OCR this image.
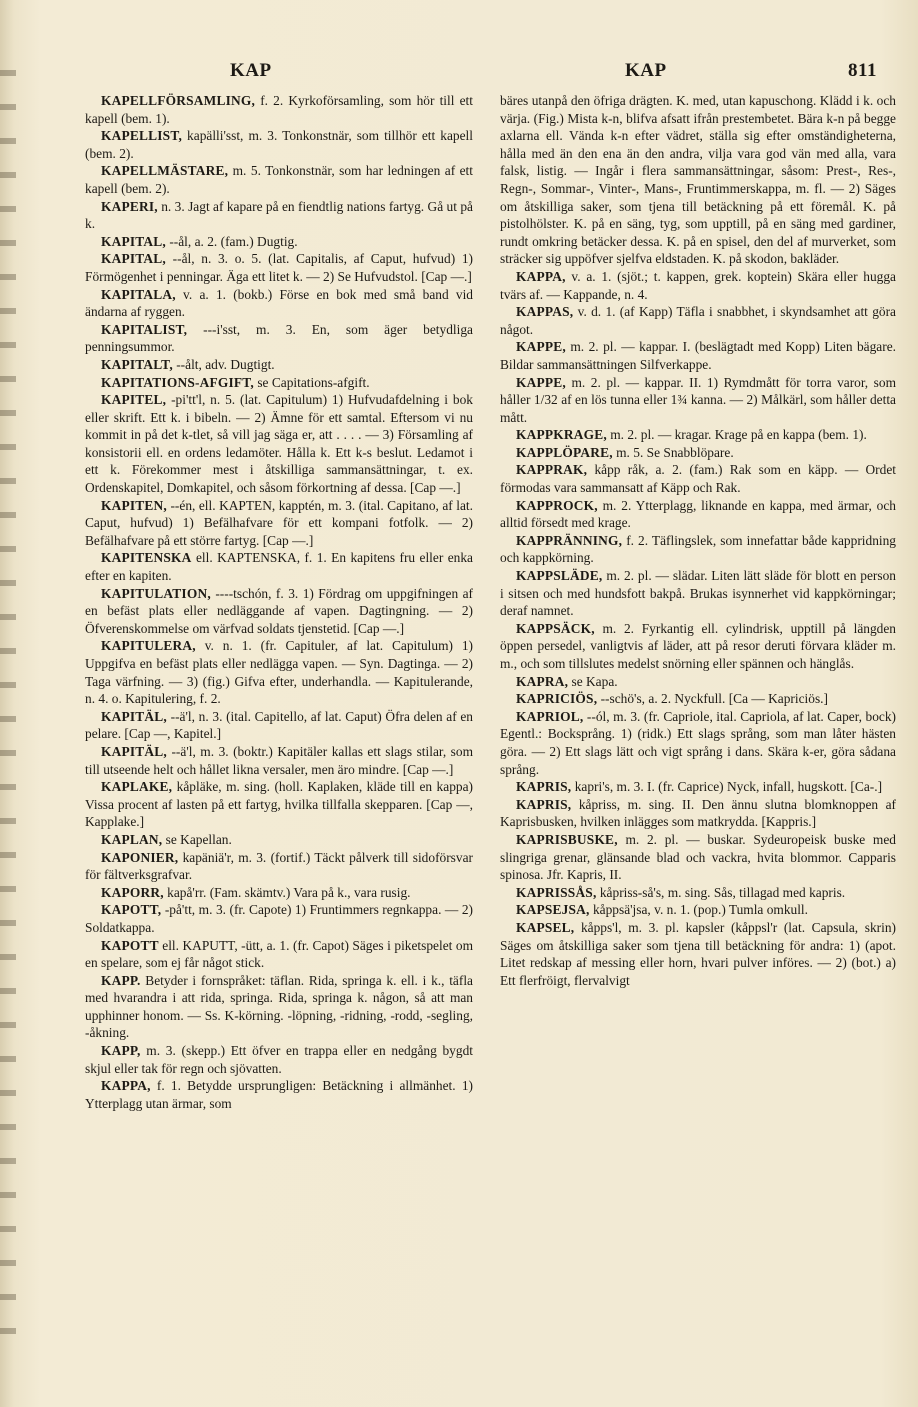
KAP	KAP	811

KAPELLFÖRSAMLING, f. 2. Kyrkoförsamling, som hör till ett kapell (bem. 1).

KAPELLIST, kapälli'sst, m. 3. Tonkonstnär, som tillhör ett kapell (bem. 2).

KAPELLMÄSTARE, m. 5. Tonkonstnär, som har ledningen af ett kapell (bem. 2).

KAPERI, n. 3. Jagt af kapare på en fiendtlig nations fartyg. Gå ut på k.

KAPITAL, --ål, a. 2. (fam.) Dugtig.

KAPITAL, --ål, n. 3. o. 5. (lat. Capitalis, af Caput, hufvud) 1) Förmögenhet i penningar. Äga ett litet k. — 2) Se Hufvudstol. [Cap —.]

KAPITALA, v. a. 1. (bokb.) Förse en bok med små band vid ändarna af ryggen.

KAPITALIST, ---i'sst, m. 3. En, som äger betydliga penningsummor.

KAPITALT, --ålt, adv. Dugtigt.

KAPITATIONS-AFGIFT, se Capitations-afgift.

KAPITEL, -pi'tt'l, n. 5. (lat. Capitulum) 1) Hufvudafdelning i bok eller skrift. Ett k. i bibeln. — 2) Ämne för ett samtal. Eftersom vi nu kommit in på det k-tlet, så vill jag säga er, att . . . . — 3) Församling af konsistorii ell. en ordens ledamöter. Hålla k. Ett k-s beslut. Ledamot i ett k. Förekommer mest i åtskilliga sammansättningar, t. ex. Ordenskapitel, Domkapitel, och såsom förkortning af dessa. [Cap —.]

KAPITEN, --én, ell. KAPTEN, kapptén, m. 3. (ital. Capitano, af lat. Caput, hufvud) 1) Befälhafvare för ett kompani fotfolk. — 2) Befälhafvare på ett större fartyg. [Cap —.]

KAPITENSKA ell. KAPTENSKA, f. 1. En kapitens fru eller enka efter en kapiten.

KAPITULATION, ----tschón, f. 3. 1) Fördrag om uppgifningen af en befäst plats eller nedläggande af vapen. Dagtingning. — 2) Öfverenskommelse om värfvad soldats tjenstetid. [Cap —.]

KAPITULERA, v. n. 1. (fr. Capituler, af lat. Capitulum) 1) Uppgifva en befäst plats eller nedlägga vapen. — Syn. Dagtinga. — 2) Taga värfning. — 3) (fig.) Gifva efter, underhandla. — Kapitulerande, n. 4. o. Kapitulering, f. 2.

KAPITÄL, --ä'l, n. 3. (ital. Capitello, af lat. Caput) Öfra delen af en pelare. [Cap —, Kapitel.]

KAPITÄL, --ä'l, m. 3. (boktr.) Kapitäler kallas ett slags stilar, som till utseende helt och hållet likna versaler, men äro mindre. [Cap —.]

KAPLAKE, kåpläke, m. sing. (holl. Kaplaken, kläde till en kappa) Vissa procent af lasten på ett fartyg, hvilka tillfalla skepparen. [Cap —, Kapplake.]

KAPLAN, se Kapellan.

KAPONIER, kapäniä'r, m. 3. (fortif.) Täckt pålverk till sidoförsvar för fältverksgrafvar.

KAPORR, kapå'rr. (Fam. skämtv.) Vara på k., vara rusig.

KAPOTT, -på'tt, m. 3. (fr. Capote) 1) Fruntimmers regnkappa. — 2) Soldatkappa.

KAPOTT ell. KAPUTT, -ütt, a. 1. (fr. Capot) Säges i piketspelet om en spelare, som ej får något stick.

KAPP. Betyder i fornspråket: täflan. Rida, springa k. ell. i k., täfla med hvarandra i att rida, springa. Rida, springa k. någon, så att man upphinner honom. — Ss. K-körning. -löpning, -ridning, -rodd, -segling, -åkning.

KAPP, m. 3. (skepp.) Ett öfver en trappa eller en nedgång bygdt skjul eller tak för regn och sjövatten.

KAPPA, f. 1. Betydde ursprungligen: Betäckning i allmänhet. 1) Ytterplagg utan ärmar, som

bäres utanpå den öfriga drägten. K. med, utan kapuschong. Klädd i k. och värja. (Fig.) Mista k-n, blifva afsatt ifrån prestembetet. Bära k-n på begge axlarna ell. Vända k-n efter vädret, ställa sig efter omständigheterna, hålla med än den ena än den andra, vilja vara god vän med alla, vara falsk, listig. — Ingår i flera sammansättningar, såsom: Prest-, Res-, Regn-, Sommar-, Vinter-, Mans-, Fruntimmerskappa, m. fl. — 2) Säges om åtskilliga saker, som tjena till betäckning på ett föremål. K. på pistolhölster. K. på en säng, tyg, som upptill, på en säng med gardiner, rundt omkring betäcker dessa. K. på en spisel, den del af murverket, som sträcker sig uppöfver sjelfva eldstaden. K. på skodon, bakläder.

KAPPA, v. a. 1. (sjöt.; t. kappen, grek. koptein) Skära eller hugga tvärs af. — Kappande, n. 4.

KAPPAS, v. d. 1. (af Kapp) Täfla i snabbhet, i skyndsamhet att göra något.

KAPPE, m. 2. pl. — kappar. I. (beslägtadt med Kopp) Liten bägare. Bildar sammansättningen Silfverkappe.

KAPPE, m. 2. pl. — kappar. II. 1) Rymdmått för torra varor, som håller 1/32 af en lös tunna eller 1¾ kanna. — 2) Målkärl, som håller detta mått.

KAPPKRAGE, m. 2. pl. — kragar. Krage på en kappa (bem. 1).

KAPPLÖPARE, m. 5. Se Snabblöpare.

KAPPRAK, kåpp råk, a. 2. (fam.) Rak som en käpp. — Ordet förmodas vara sammansatt af Käpp och Rak.

KAPPROCK, m. 2. Ytterplagg, liknande en kappa, med ärmar, och alltid försedt med krage.

KAPPRÄNNING, f. 2. Täflingslek, som innefattar både kappridning och kappkörning.

KAPPSLÄDE, m. 2. pl. — slädar. Liten lätt släde för blott en person i sitsen och med hundsfott bakpå. Brukas isynnerhet vid kappkörningar; deraf namnet.

KAPPSÄCK, m. 2. Fyrkantig ell. cylindrisk, upptill på längden öppen persedel, vanligtvis af läder, att på resor deruti förvara kläder m. m., och som tillslutes medelst snörning eller spännen och hänglås.

KAPRA, se Kapa.

KAPRICIÖS, --schö's, a. 2. Nyckfull. [Ca — Kapriciös.]

KAPRIOL, --ól, m. 3. (fr. Capriole, ital. Capriola, af lat. Caper, bock) Egentl.: Bocksprång. 1) (ridk.) Ett slags språng, som man låter hästen göra. — 2) Ett slags lätt och vigt språng i dans. Skära k-er, göra sådana språng.

KAPRIS, kapri's, m. 3. I. (fr. Caprice) Nyck, infall, hugskott. [Ca-.]

KAPRIS, kåpriss, m. sing. II. Den ännu slutna blomknoppen af Kaprisbusken, hvilken inlägges som matkrydda. [Kappris.]

KAPRISBUSKE, m. 2. pl. — buskar. Sydeuropeisk buske med slingriga grenar, glänsande blad och vackra, hvita blommor. Capparis spinosa. Jfr. Kapris, II.

KAPRISSÅS, kåpriss-så's, m. sing. Sås, tillagad med kapris.

KAPSEJSA, kåppsä'jsa, v. n. 1. (pop.) Tumla omkull.

KAPSEL, kåpps'l, m. 3. pl. kapsler (kåppsl'r (lat. Capsula, skrin) Säges om åtskilliga saker som tjena till betäckning för andra: 1) (apot. Litet redskap af messing eller horn, hvari pulver införes. — 2) (bot.) a) Ett flerfröigt, flervalvigt
